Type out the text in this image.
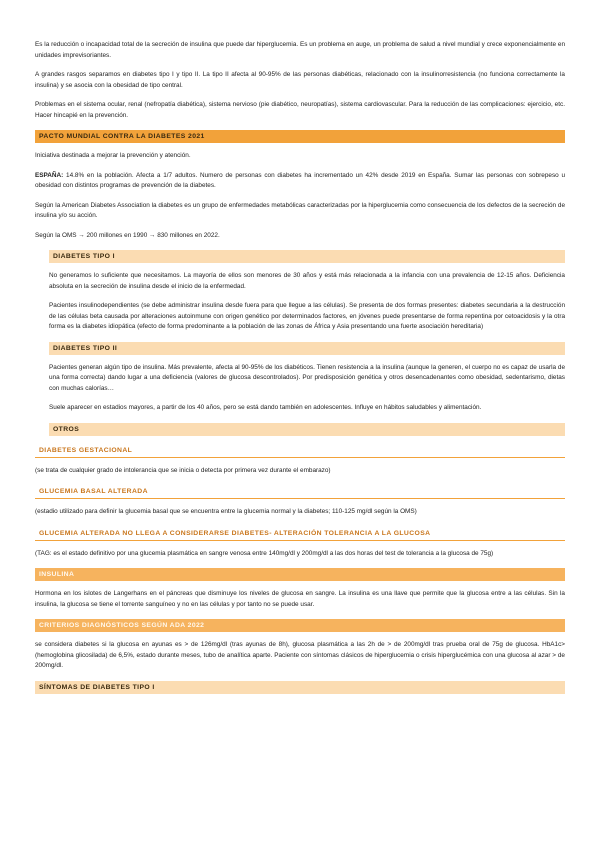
Es la reducción o incapacidad total de la secreción de insulina que puede dar hiperglucemia. Es un problema en auge, un problema de salud a nivel mundial y crece exponencialmente en unidades imprevisoriantes.

A grandes rasgos separamos en diabetes tipo I y tipo II. La tipo II afecta al 90-95% de las personas diabéticas, relacionado con la insulinorresistencia (no funciona correctamente la insulina) y se asocia con la obesidad de tipo central.

Problemas en el sistema ocular, renal (nefropatía diabética), sistema nervioso (pie diabético, neuropatías), sistema cardiovascular. Para la reducción de las complicaciones: ejercicio, etc. Hacer hincapié en la prevención.

PACTO MUNDIAL CONTRA LA DIABETES 2021

Iniciativa destinada a mejorar la prevención y atención.

ESPAÑA: 14.8% en la población. Afecta a 1/7 adultos. Numero de personas con diabetes ha incrementado un 42% desde 2019 en España. Sumar las personas con sobrepeso u obesidad con distintos programas de prevención de la diabetes.

Según la American Diabetes Association la diabetes es un grupo de enfermedades metabólicas caracterizadas por la hiperglucemia como consecuencia de los defectos de la secreción de insulina y/o su acción.

Según la OMS → 200 millones en 1990 → 830 millones en 2022.

DIABETES TIPO I

No generamos lo suficiente que necesitamos. La mayoría de ellos son menores de 30 años y está más relacionada a la infancia con una prevalencia de 12-15 años. Deficiencia absoluta en la secreción de insulina desde el inicio de la enfermedad.

Pacientes insulinodependientes (se debe administrar insulina desde fuera para que llegue a las células). Se presenta de dos formas presentes: diabetes secundaria a la destrucción de las células beta causada por alteraciones autoinmune con origen genético por determinados factores, en jóvenes puede presentarse de forma repentina por cetoacidosis y la otra forma es la diabetes idiopática (efecto de forma predominante a la población de las zonas de África y Asia presentando una fuerte asociación hereditaria)

DIABETES TIPO II

Pacientes generan algún tipo de insulina. Más prevalente, afecta al 90-95% de los diabéticos. Tienen resistencia a la insulina (aunque la generen, el cuerpo no es capaz de usarla de una forma correcta) dando lugar a una deficiencia (valores de glucosa descontrolados). Por predisposición genética y otros desencadenantes como obesidad, sedentarismo, dietas con muchas calorías…

Suele aparecer en estadios mayores, a partir de los 40 años, pero se está dando también en adolescentes. Influye en hábitos saludables y alimentación.

OTROS
DIABETES GESTACIONAL

(se trata de cualquier grado de intolerancia que se inicia o detecta por primera vez durante el embarazo)

GLUCEMIA BASAL ALTERADA

(estadio utilizado para definir la glucemia basal que se encuentra entre la glucemia normal y la diabetes; 110-125 mg/dl según la OMS)

GLUCEMIA ALTERADA NO LLEGA A CONSIDERARSE DIABETES- ALTERACIÓN TOLERANCIA A LA GLUCOSA

(TAG: es el estado definitivo por una glucemia plasmática en sangre venosa entre 140mg/dl y 200mg/dl a las dos horas del test de tolerancia a la glucosa de 75g)

INSULINA

Hormona en los islotes de Langerhans en el páncreas que disminuye los niveles de glucosa en sangre. La insulina es una llave que permite que la glucosa entre a las células. Sin la insulina, la glucosa se tiene el torrente sanguíneo y no en las células y por tanto no se puede usar.

CRITERIOS DIAGNÓSTICOS SEGÚN ADA 2022

se considera diabetes si la glucosa en ayunas es > de 126mg/dl (tras ayunas de 8h), glucosa plasmática a las 2h de > de 200mg/dl tras prueba oral de 75g de glucosa. HbA1c> (hemoglobina glicosilada) de 6,5%, estado durante meses, tubo de analítica aparte. Paciente con síntomas clásicos de hiperglucemia o crisis hiperglucémica con una glucosa al azar > de 200mg/dl.

SÍNTOMAS DE DIABETES TIPO I
